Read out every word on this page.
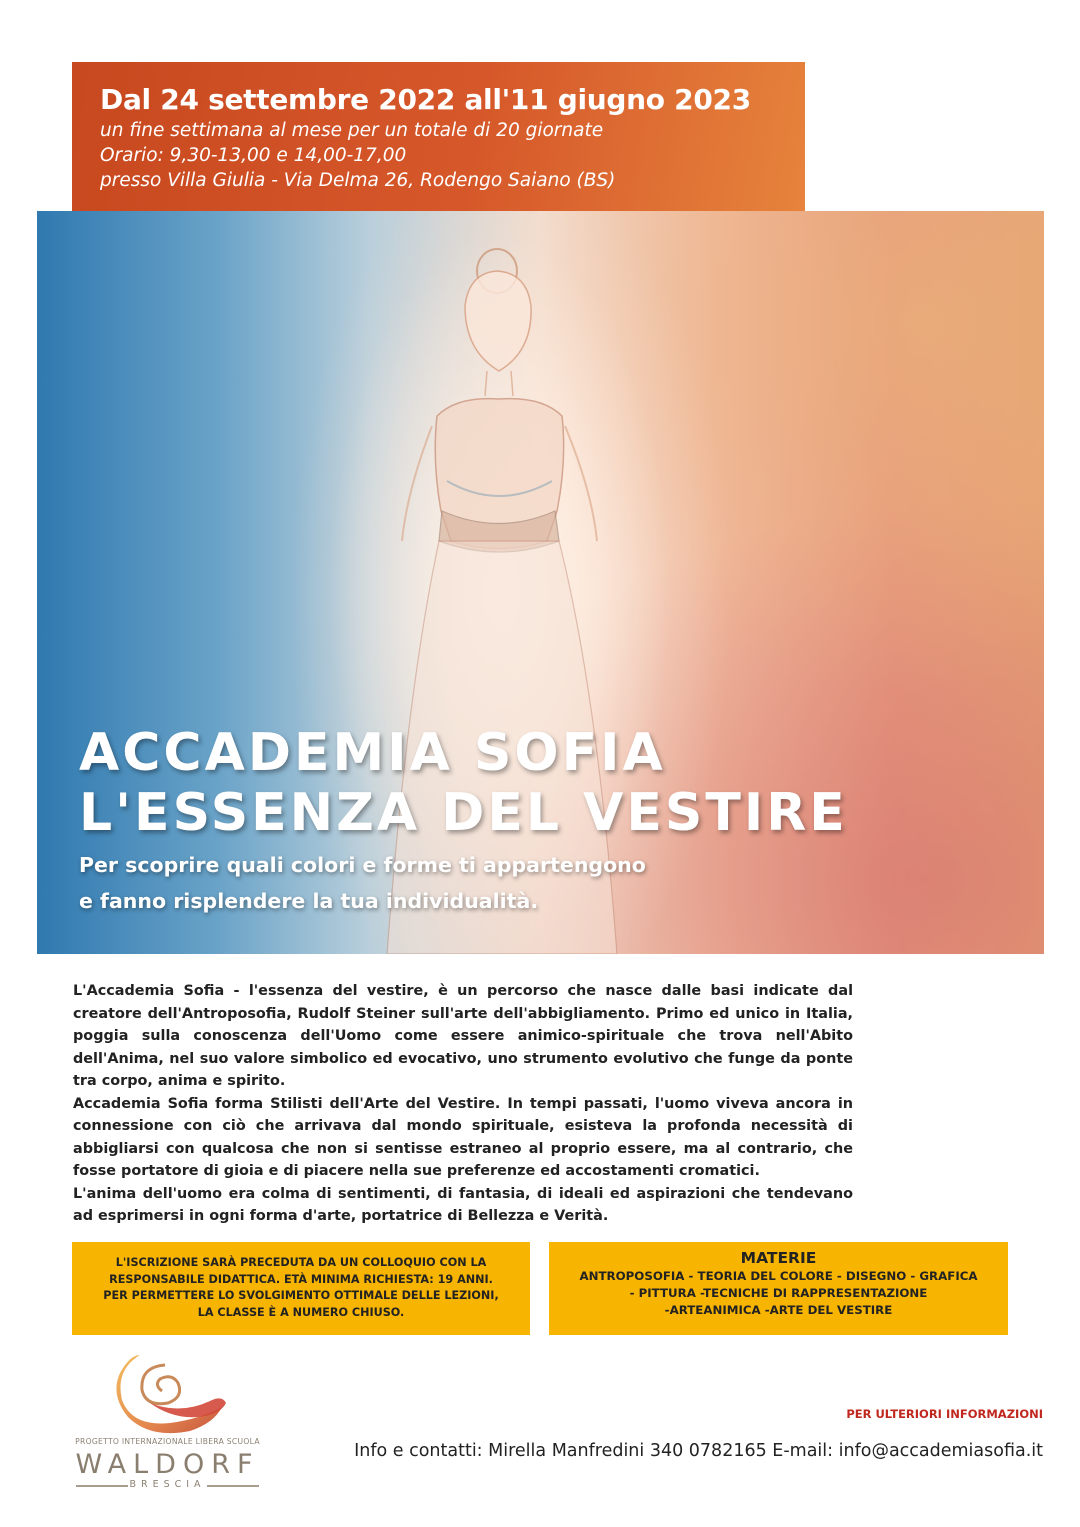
Dal 24 settembre 2022 all'11 giugno 2023
un fine settimana al mese per un totale di 20 giornate
Orario: 9,30-13,00 e 14,00-17,00
presso Villa Giulia - Via Delma 26, Rodengo Saiano (BS)
ACCADEMIA SOFIA
L'ESSENZA DEL VESTIRE

Per scoprire quali colori e forme ti appartengono
e fanno risplendere la tua individualità.

L'Accademia Sofia - l'essenza del vestire, è un percorso che nasce dalle basi indicate dal creatore dell'Antroposofia, Rudolf Steiner sull'arte dell'abbigliamento. Primo ed unico in Italia, poggia sulla conoscenza dell'Uomo come essere animico-spirituale che trova nell'Abito dell'Anima, nel suo valore simbolico ed evocativo, uno strumento evolutivo che funge da ponte tra corpo, anima e spirito.

Accademia Sofia forma Stilisti dell'Arte del Vestire. In tempi passati, l'uomo viveva ancora in connessione con ciò che arrivava dal mondo spirituale, esisteva la profonda necessità di abbigliarsi con qualcosa che non si sentisse estraneo al proprio essere, ma al contrario, che fosse portatore di gioia e di piacere nella sue preferenze ed accostamenti cromatici.

L'anima dell'uomo era colma di sentimenti, di fantasia, di ideali ed aspirazioni che tendevano ad esprimersi in ogni forma d'arte, portatrice di Bellezza e Verità.

L'ISCRIZIONE SARÀ PRECEDUTA DA UN COLLOQUIO CON LA
RESPONSABILE DIDATTICA. ETÀ MINIMA RICHIESTA: 19 ANNI.
PER PERMETTERE LO SVOLGIMENTO OTTIMALE DELLE LEZIONI,
LA CLASSE È A NUMERO CHIUSO.
MATERIE
ANTROPOSOFIA - TEORIA DEL COLORE - DISEGNO - GRAFICA
- PITTURA -TECNICHE DI RAPPRESENTAZIONE
-ARTEANIMICA -ARTE DEL VESTIRE
PROGETTO INTERNAZIONALE LIBERA SCUOLA
WALDORF
BRESCIA
PER ULTERIORI INFORMAZIONI
Info e contatti: Mirella Manfredini 340 0782165 E-mail: info@accademiasofia.it
